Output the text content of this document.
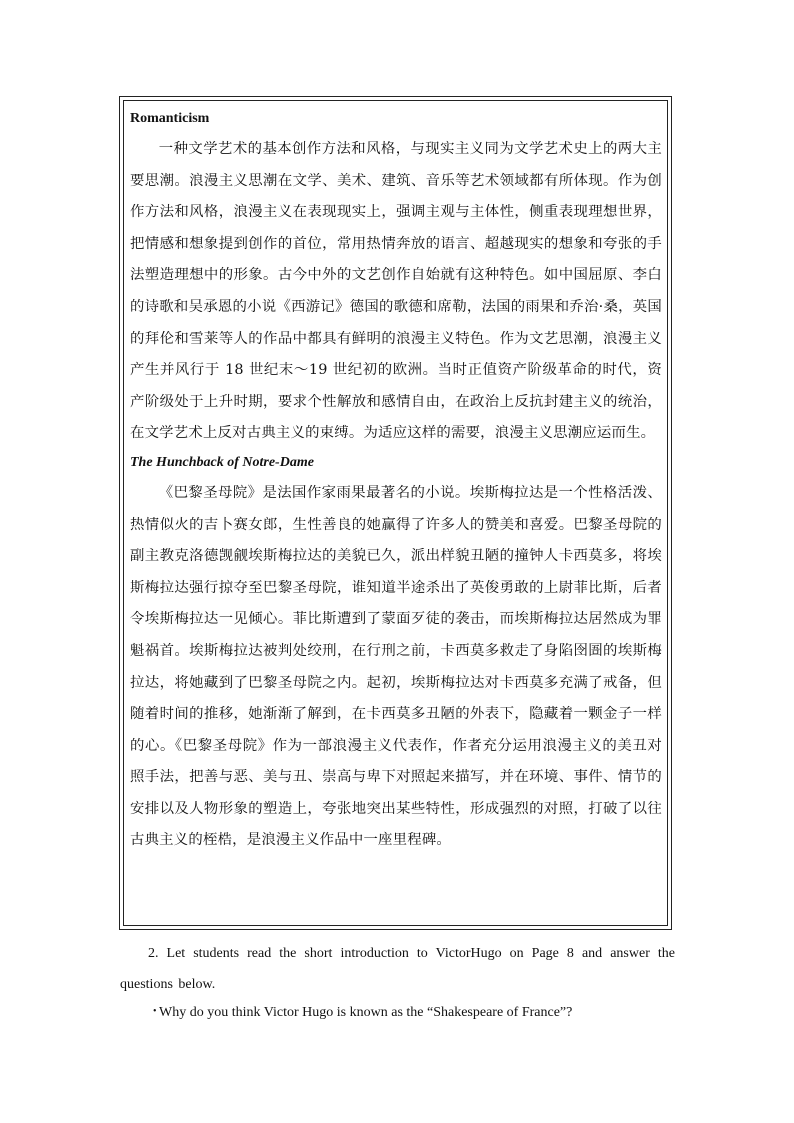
Romanticism

一种文学艺术的基本创作方法和风格，与现实主义同为文学艺术史上的两大主要思潮。浪漫主义思潮在文学、美术、建筑、音乐等艺术领域都有所体现。作为创作方法和风格，浪漫主义在表现现实上，强调主观与主体性，侧重表现理想世界，把情感和想象提到创作的首位，常用热情奔放的语言、超越现实的想象和夸张的手法塑造理想中的形象。古今中外的文艺创作自始就有这种特色。如中国屈原、李白的诗歌和吴承恩的小说《西游记》德国的歌德和席勒，法国的雨果和乔治·桑，英国的拜伦和雪莱等人的作品中都具有鲜明的浪漫主义特色。作为文艺思潮，浪漫主义产生并风行于 18 世纪末～19 世纪初的欧洲。当时正值资产阶级革命的时代，资产阶级处于上升时期，要求个性解放和感情自由，在政治上反抗封建主义的统治，在文学艺术上反对古典主义的束缚。为适应这样的需要，浪漫主义思潮应运而生。

The Hunchback of Notre-Dame

《巴黎圣母院》是法国作家雨果最著名的小说。埃斯梅拉达是一个性格活泼、热情似火的吉卜赛女郎，生性善良的她赢得了许多人的赞美和喜爱。巴黎圣母院的副主教克洛德觊觎埃斯梅拉达的美貌已久，派出样貌丑陋的撞钟人卡西莫多，将埃斯梅拉达强行掠夺至巴黎圣母院，谁知道半途杀出了英俊勇敢的上尉菲比斯，后者令埃斯梅拉达一见倾心。菲比斯遭到了蒙面歹徒的袭击，而埃斯梅拉达居然成为罪魁祸首。埃斯梅拉达被判处绞刑，在行刑之前，卡西莫多救走了身陷囹圄的埃斯梅拉达，将她藏到了巴黎圣母院之内。起初，埃斯梅拉达对卡西莫多充满了戒备，但随着时间的推移，她渐渐了解到，在卡西莫多丑陋的外表下，隐藏着一颗金子一样的心。《巴黎圣母院》作为一部浪漫主义代表作，作者充分运用浪漫主义的美丑对照手法，把善与恶、美与丑、崇高与卑下对照起来描写，并在环境、事件、情节的安排以及人物形象的塑造上，夸张地突出某些特性，形成强烈的对照，打破了以往古典主义的桎梏，是浪漫主义作品中一座里程碑。

2. Let students read the short introduction to VictorHugo on Page 8 and answer the questions below.
• Why do you think Victor Hugo is known as the “Shakespeare of France”?
